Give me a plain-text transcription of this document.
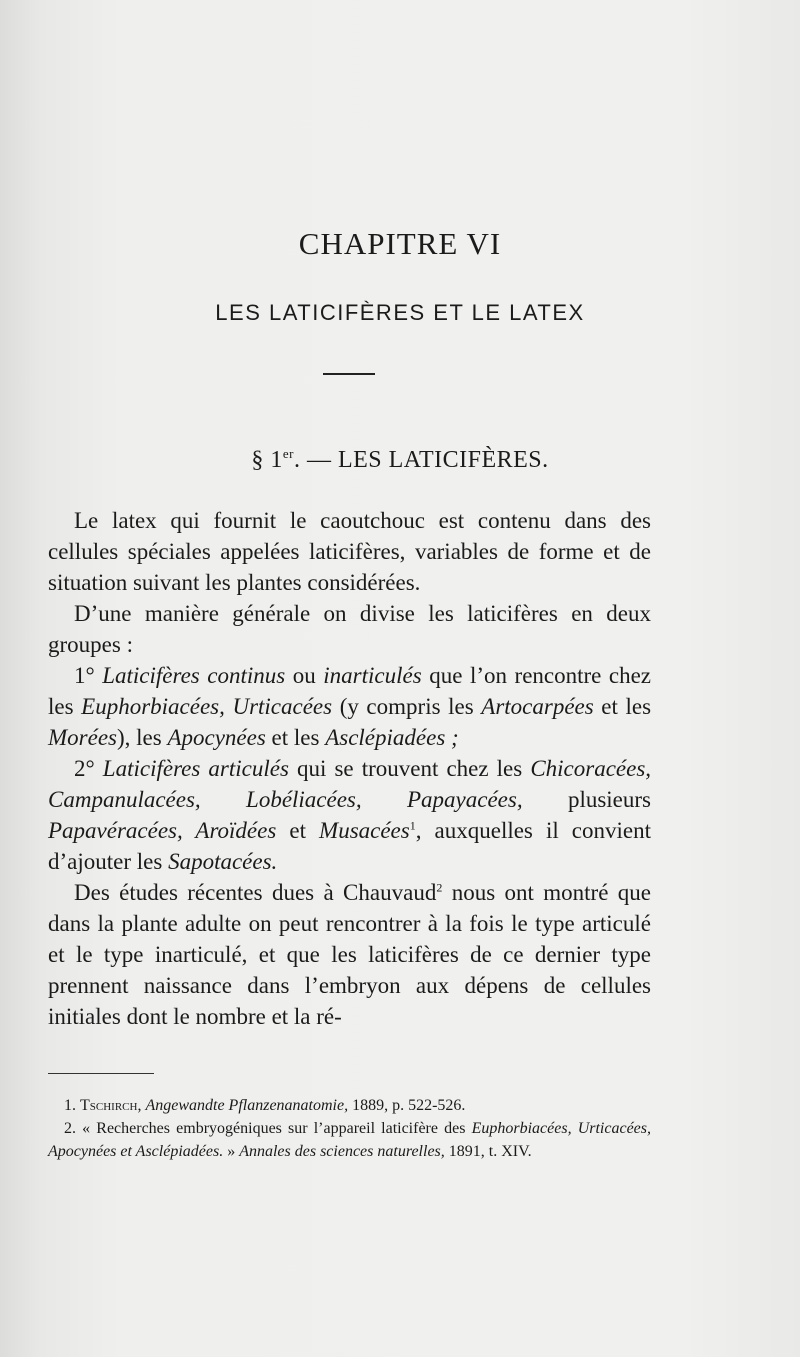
CHAPITRE VI
LES LATICIFÈRES ET LE LATEX
§ 1er. — LES LATICIFÈRES.

Le latex qui fournit le caoutchouc est contenu dans des cellules spéciales appelées laticifères, variables de forme et de situation suivant les plantes considérées.

D’une manière générale on divise les laticifères en deux groupes :

1° Laticifères continus ou inarticulés que l’on rencontre chez les Euphorbiacées, Urticacées (y compris les Artocarpées et les Morées), les Apocynées et les Asclépiadées ;

2° Laticifères articulés qui se trouvent chez les Chicoracées, Campanulacées, Lobéliacées, Papayacées, plusieurs Papavéracées, Aroïdées et Musacées$^1$, auxquelles il convient d’ajouter les Sapotacées.

Des études récentes dues à Chauvaud$^2$ nous ont montré que dans la plante adulte on peut rencontrer à la fois le type articulé et le type inarticulé, et que les laticifères de ce dernier type prennent naissance dans l’embryon aux dépens de cellules initiales dont le nombre et la ré-

1. Tschirch, Angewandte Pflanzenanatomie, 1889, p. 522-526.

2. « Recherches embryogéniques sur l’appareil laticifère des Euphorbiacées, Urticacées, Apocynées et Asclépiadées. » Annales des sciences naturelles, 1891, t. XIV.
